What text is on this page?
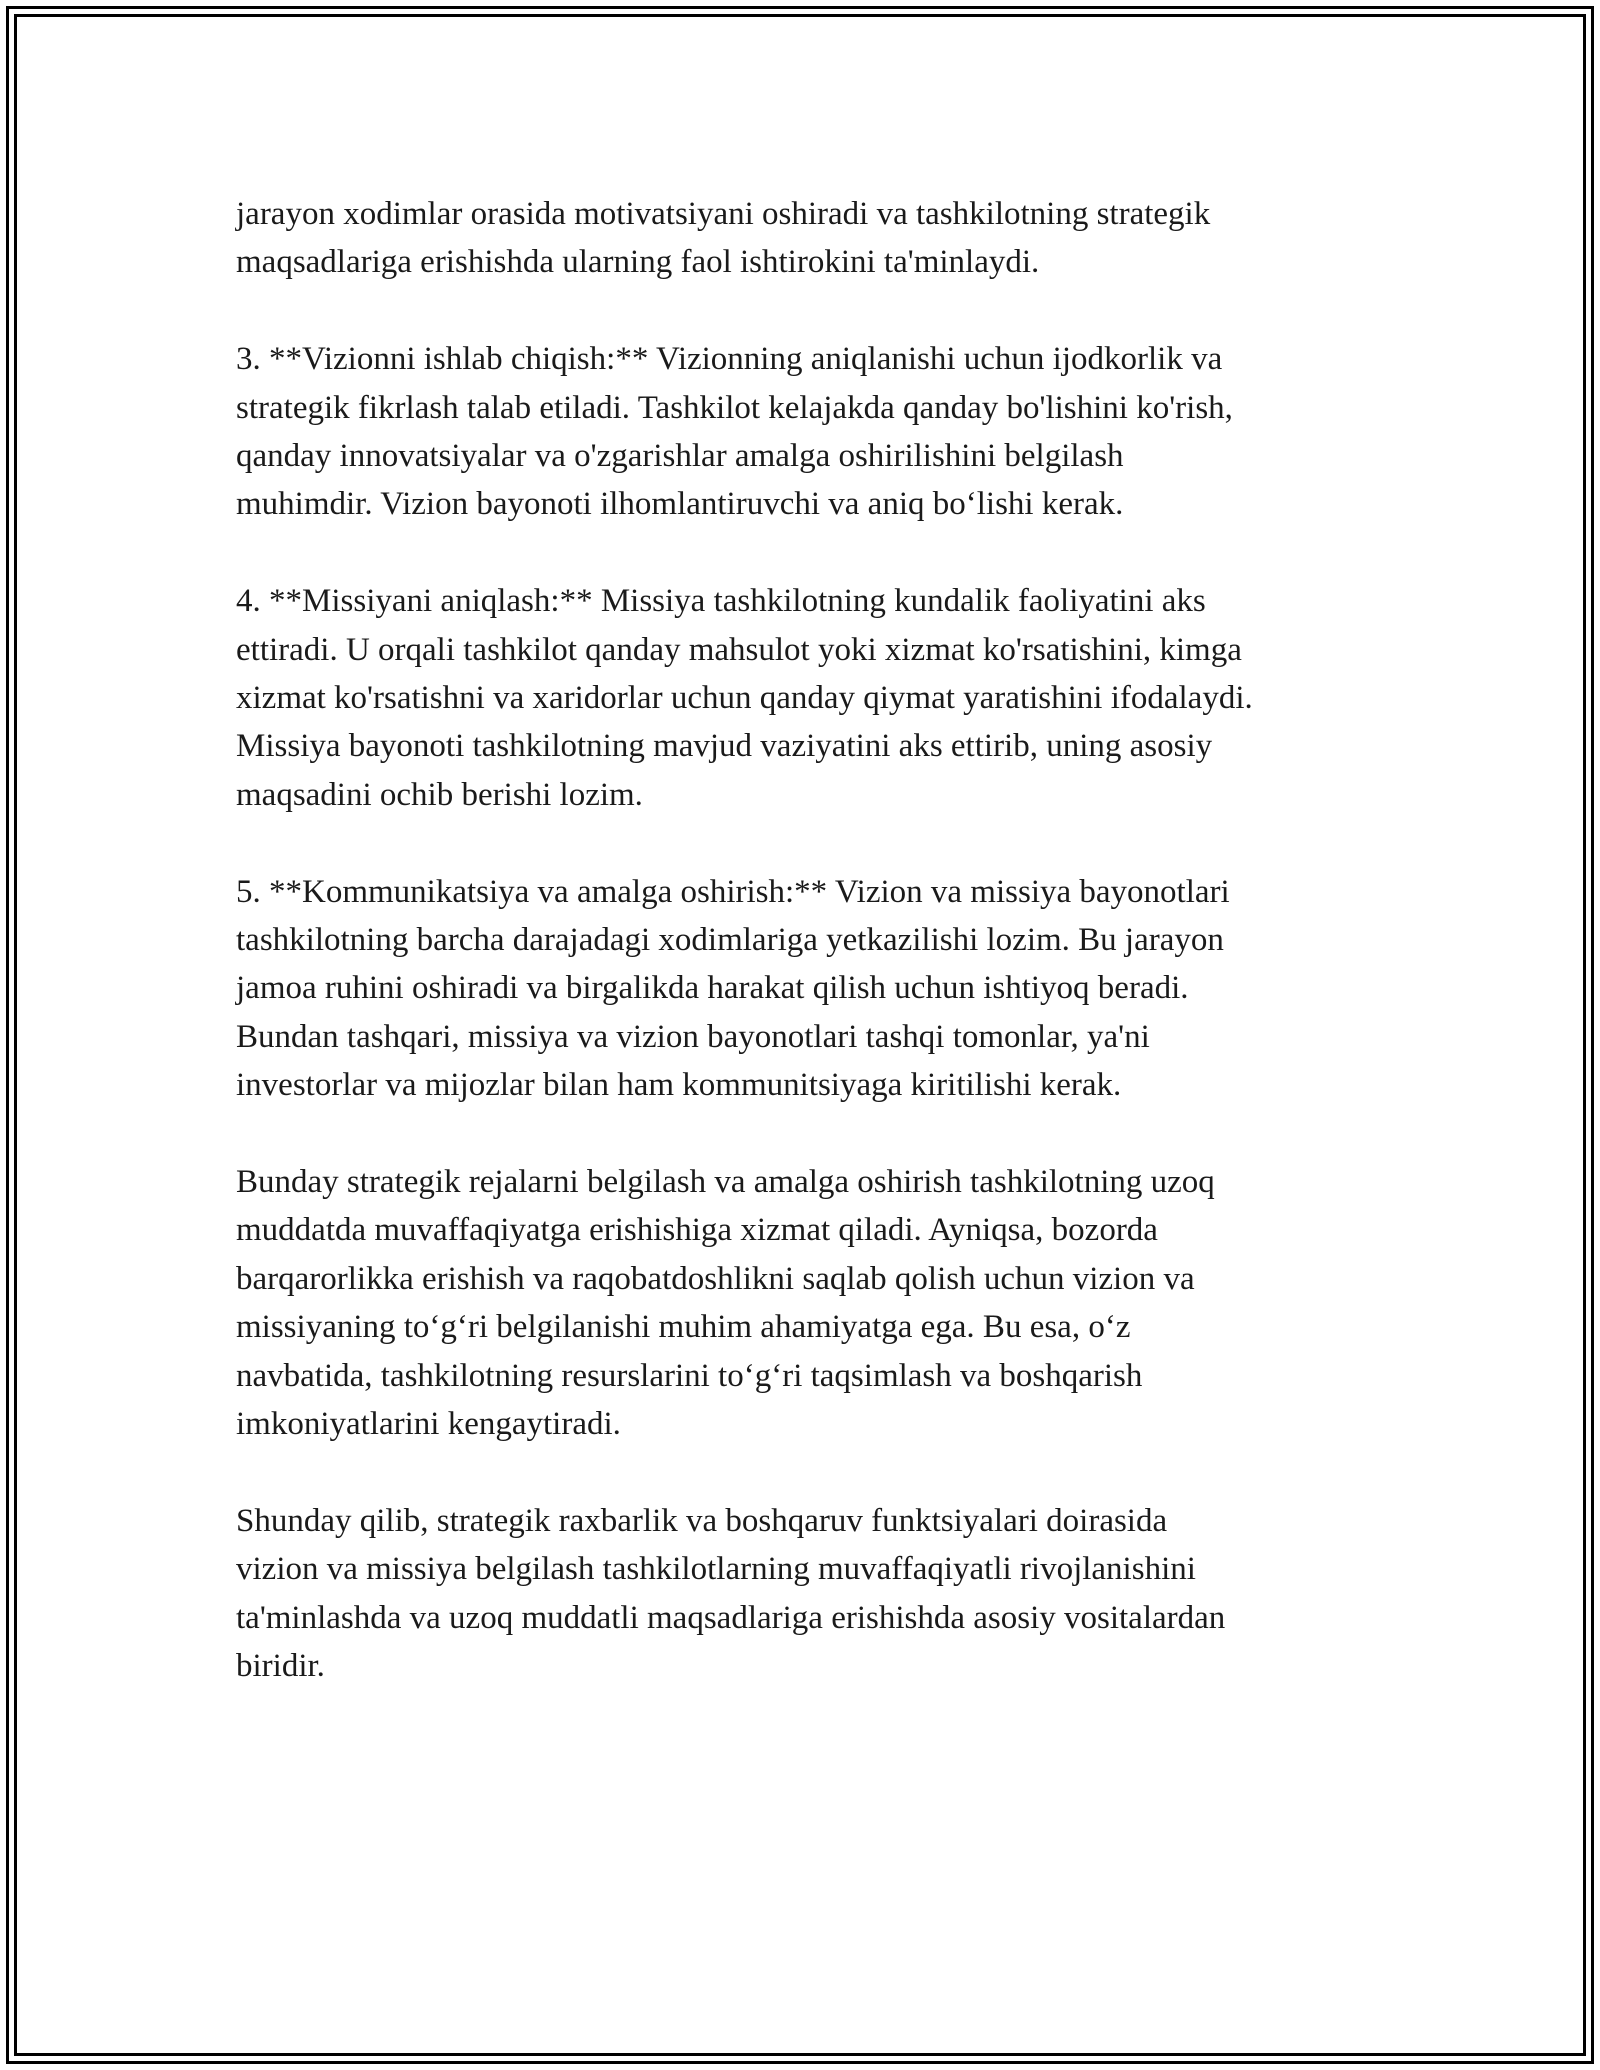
jarayon xodimlar orasida motivatsiyani oshiradi va tashkilotning strategik
maqsadlariga erishishda ularning faol ishtirokini ta'minlaydi.

3. **Vizionni ishlab chiqish:** Vizionning aniqlanishi uchun ijodkorlik va
strategik fikrlash talab etiladi. Tashkilot kelajakda qanday bo'lishini ko'rish,
qanday innovatsiyalar va o'zgarishlar amalga oshirilishini belgilash
muhimdir. Vizion bayonoti ilhomlantiruvchi va aniq bo‘lishi kerak.

4. **Missiyani aniqlash:** Missiya tashkilotning kundalik faoliyatini aks
ettiradi. U orqali tashkilot qanday mahsulot yoki xizmat ko'rsatishini, kimga
xizmat ko'rsatishni va xaridorlar uchun qanday qiymat yaratishini ifodalaydi.
Missiya bayonoti tashkilotning mavjud vaziyatini aks ettirib, uning asosiy
maqsadini ochib berishi lozim.

5. **Kommunikatsiya va amalga oshirish:** Vizion va missiya bayonotlari
tashkilotning barcha darajadagi xodimlariga yetkazilishi lozim. Bu jarayon
jamoa ruhini oshiradi va birgalikda harakat qilish uchun ishtiyoq beradi.
Bundan tashqari, missiya va vizion bayonotlari tashqi tomonlar, ya'ni
investorlar va mijozlar bilan ham kommunitsiyaga kiritilishi kerak.

Bunday strategik rejalarni belgilash va amalga oshirish tashkilotning uzoq
muddatda muvaffaqiyatga erishishiga xizmat qiladi. Ayniqsa, bozorda
barqarorlikka erishish va raqobatdoshlikni saqlab qolish uchun vizion va
missiyaning to‘g‘ri belgilanishi muhim ahamiyatga ega. Bu esa, o‘z
navbatida, tashkilotning resurslarini to‘g‘ri taqsimlash va boshqarish
imkoniyatlarini kengaytiradi.

Shunday qilib, strategik raxbarlik va boshqaruv funktsiyalari doirasida
vizion va missiya belgilash tashkilotlarning muvaffaqiyatli rivojlanishini
ta'minlashda va uzoq muddatli maqsadlariga erishishda asosiy vositalardan
biridir.
